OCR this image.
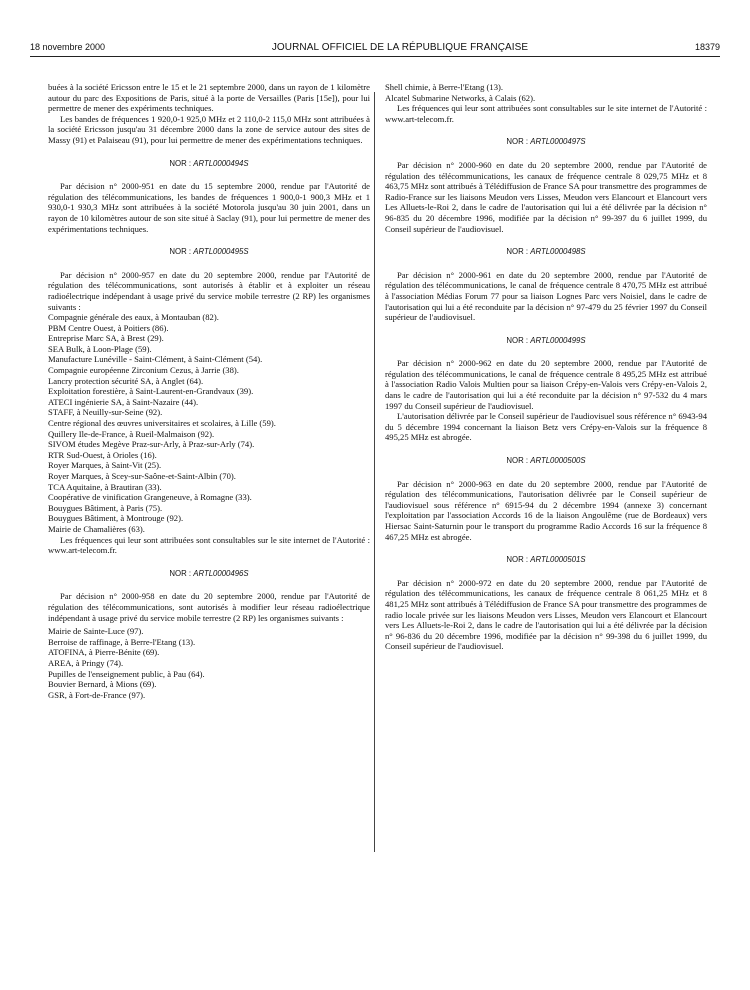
18 novembre 2000	JOURNAL OFFICIEL DE LA RÉPUBLIQUE FRANÇAISE	18379

buées à la société Ericsson entre le 15 et le 21 septembre 2000, dans un rayon de 1 kilomètre autour du parc des Expositions de Paris, situé à la porte de Versailles (Paris [15e]), pour lui permettre de mener des expériments techniques.

Les bandes de fréquences 1 920,0-1 925,0 MHz et 2 110,0-2 115,0 MHz sont attribuées à la société Ericsson jusqu'au 31 décembre 2000 dans la zone de service autour des sites de Massy (91) et Palaiseau (91), pour lui permettre de mener des expérimentations techniques.

NOR : ARTL0000494S

Par décision n° 2000-951 en date du 15 septembre 2000, rendue par l'Autorité de régulation des télécommunications, les bandes de fréquences 1 900,0-1 900,3 MHz et 1 930,0-1 930,3 MHz sont attribuées à la société Motorola jusqu'au 30 juin 2001, dans un rayon de 10 kilomètres autour de son site situé à Saclay (91), pour lui permettre de mener des expérimentations techniques.

NOR : ARTL0000495S

Par décision n° 2000-957 en date du 20 septembre 2000, rendue par l'Autorité de régulation des télécommunications, sont autorisés à établir et à exploiter un réseau radioélectrique indépendant à usage privé du service mobile terrestre (2 RP) les organismes suivants :

Compagnie générale des eaux, à Montauban (82).
PBM Centre Ouest, à Poitiers (86).
Entreprise Marc SA, à Brest (29).
SEA Bulk, à Loon-Plage (59).
Manufacture Lunéville - Saint-Clément, à Saint-Clément (54).
Compagnie européenne Zirconium Cezus, à Jarrie (38).
Lancry protection sécurité SA, à Anglet (64).
Exploitation forestière, à Saint-Laurent-en-Grandvaux (39).
ATECI ingénierie SA, à Saint-Nazaire (44).
STAFF, à Neuilly-sur-Seine (92).
Centre régional des œuvres universitaires et scolaires, à Lille (59).
Quillery Ile-de-France, à Rueil-Malmaison (92).
SIVOM études Megève Praz-sur-Arly, à Praz-sur-Arly (74).
RTR Sud-Ouest, à Orioles (16).
Royer Marques, à Saint-Vit (25).
Royer Marques, à Scey-sur-Saône-et-Saint-Albin (70).
TCA Aquitaine, à Brautiran (33).
Coopérative de vinification Grangeneuve, à Romagne (33).
Bouygues Bâtiment, à Paris (75).
Bouygues Bâtiment, à Montrouge (92).
Mairie de Chamalières (63).

Les fréquences qui leur sont attribuées sont consultables sur le site internet de l'Autorité : www.art-telecom.fr.

NOR : ARTL0000496S

Par décision n° 2000-958 en date du 20 septembre 2000, rendue par l'Autorité de régulation des télécommunications, sont autorisés à modifier leur réseau radioélectrique indépendant à usage privé du service mobile terrestre (2 RP) les organismes suivants :

Mairie de Sainte-Luce (97).
Berroise de raffinage, à Berre-l'Etang (13).
ATOFINA, à Pierre-Bénite (69).
AREA, à Pringy (74).
Pupilles de l'enseignement public, à Pau (64).
Bouvier Bernard, à Mions (69).
GSR, à Fort-de-France (97).
Shell chimie, à Berre-l'Etang (13).
Alcatel Submarine Networks, à Calais (62).

Les fréquences qui leur sont attribuées sont consultables sur le site internet de l'Autorité : www.art-telecom.fr.

NOR : ARTL0000497S

Par décision n° 2000-960 en date du 20 septembre 2000, rendue par l'Autorité de régulation des télécommunications, les canaux de fréquence centrale 8 029,75 MHz et 8 463,75 MHz sont attribués à Télédiffusion de France SA pour transmettre des programmes de Radio-France sur les liaisons Meudon vers Lisses, Meudon vers Elancourt et Elancourt vers Les Alluets-le-Roi 2, dans le cadre de l'autorisation qui lui a été délivrée par la décision n° 96-835 du 20 décembre 1996, modifiée par la décision n° 99-397 du 6 juillet 1999, du Conseil supérieur de l'audiovisuel.

NOR : ARTL0000498S

Par décision n° 2000-961 en date du 20 septembre 2000, rendue par l'Autorité de régulation des télécommunications, le canal de fréquence centrale 8 470,75 MHz est attribué à l'association Médias Forum 77 pour sa liaison Lognes Parc vers Noisiel, dans le cadre de l'autorisation qui lui a été reconduite par la décision n° 97-479 du 25 février 1997 du Conseil supérieur de l'audiovisuel.

NOR : ARTL0000499S

Par décision n° 2000-962 en date du 20 septembre 2000, rendue par l'Autorité de régulation des télécommunications, le canal de fréquence centrale 8 495,25 MHz est attribué à l'association Radio Valois Multien pour sa liaison Crépy-en-Valois vers Crépy-en-Valois 2, dans le cadre de l'autorisation qui lui a été reconduite par la décision n° 97-532 du 4 mars 1997 du Conseil supérieur de l'audiovisuel.

L'autorisation délivrée par le Conseil supérieur de l'audiovisuel sous référence n° 6943-94 du 5 décembre 1994 concernant la liaison Betz vers Crépy-en-Valois sur la fréquence 8 495,25 MHz est abrogée.

NOR : ARTL0000500S

Par décision n° 2000-963 en date du 20 septembre 2000, rendue par l'Autorité de régulation des télécommunications, l'autorisation délivrée par le Conseil supérieur de l'audiovisuel sous référence n° 6915-94 du 2 décembre 1994 (annexe 3) concernant l'exploitation par l'association Accords 16 de la liaison Angoulême (rue de Bordeaux) vers Hiersac Saint-Saturnin pour le transport du programme Radio Accords 16 sur la fréquence 8 467,25 MHz est abrogée.

NOR : ARTL0000501S

Par décision n° 2000-972 en date du 20 septembre 2000, rendue par l'Autorité de régulation des télécommunications, les canaux de fréquence centrale 8 061,25 MHz et 8 481,25 MHz sont attribués à Télédiffusion de France SA pour transmettre des programmes de radio locale privée sur les liaisons Meudon vers Lisses, Meudon vers Elancourt et Elancourt vers Les Alluets-le-Roi 2, dans le cadre de l'autorisation qui lui a été délivrée par la décision n° 96-836 du 20 décembre 1996, modifiée par la décision n° 99-398 du 6 juillet 1999, du Conseil supérieur de l'audiovisuel.
